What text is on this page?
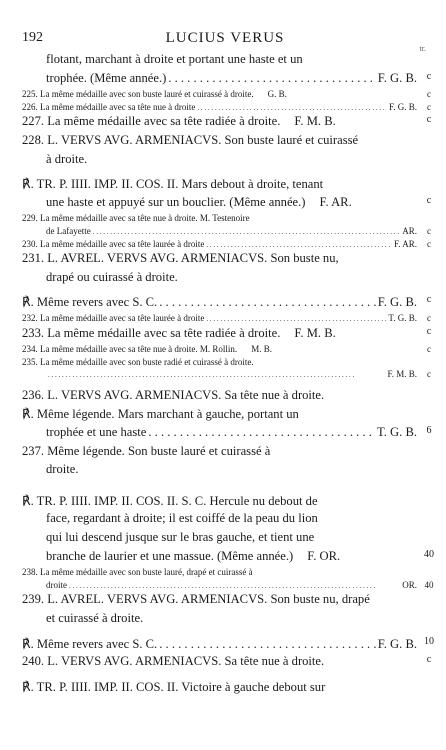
192	LUCIUS VERUS
tr.
flotant, marchant à droite et portant une haste et un
trophée. (Même année.) . . .	F. G. B. c
225. La même médaille avec son buste lauré et cuirassé à droite. G. B.	c
226. La même médaille avec sa tête nue à droite . . .	F. G. B.	c
227. La même médaille avec sa tête radiée à droite. F. M. B.	c
228. L. VERVS AVG. ARMENIACVS. Son buste lauré et cuirassé
à droite.
℟. TR. P. IIII. IMP. II. COS. II. Mars debout à droite, tenant
une haste et appuyé sur un bouclier. (Même année.) F. AR.	c
229. La même médaille avec sa tête nue à droite. M. Testenoire
de Lafayette . . .	AR.	c
230. La même médaille avec sa tête laurée à droite . . .	F. AR.	c
231. L. AVREL. VERVS AVG. ARMENIACVS. Son buste nu,
drapé ou cuirassé à droite.
℟. Même revers avec S. C. . . .	F. G. B. c
232. La même médaille avec sa tête laurée à droite . . .	T. G. B.	c
233. La même médaille avec sa tête radiée à droite. F. M. B.	c
234. La même médaille avec sa tête nue à droite. M. Rollin. M. B.	c
235. La même médaille avec son buste radié et cuirassé à droite.
. . .
F. M. B.	c
236. L. VERVS AVG. ARMENIACVS. Sa tête nue à droite.
℟. Même légende. Mars marchant à gauche, portant un
trophée et une haste . . .	T. G. B. 6
237. Même légende. Son buste lauré et cuirassé à
droite.
℟. TR. P. IIII. IMP. II. COS. II. S. C. Hercule nu debout de
face, regardant à droite; il est coiffé de la peau du lion
qui lui descend jusque sur le bras gauche, et tient une
branche de laurier et une massue. (Même année.) F. OR.	40
238. La même médaille avec son buste lauré, drapé et cuirassé à
droite . . .	OR. 40
239. L. AVREL. VERVS AVG. ARMENIACVS. Son buste nu, drapé
et cuirassé à droite.
℟. Même revers avec S. C. . . .	F. G. B. 10
240. L. VERVS AVG. ARMENIACVS. Sa tête nue à droite.	c
℟. TR. P. IIII. IMP. II. COS. II. Victoire à gauche debout sur
